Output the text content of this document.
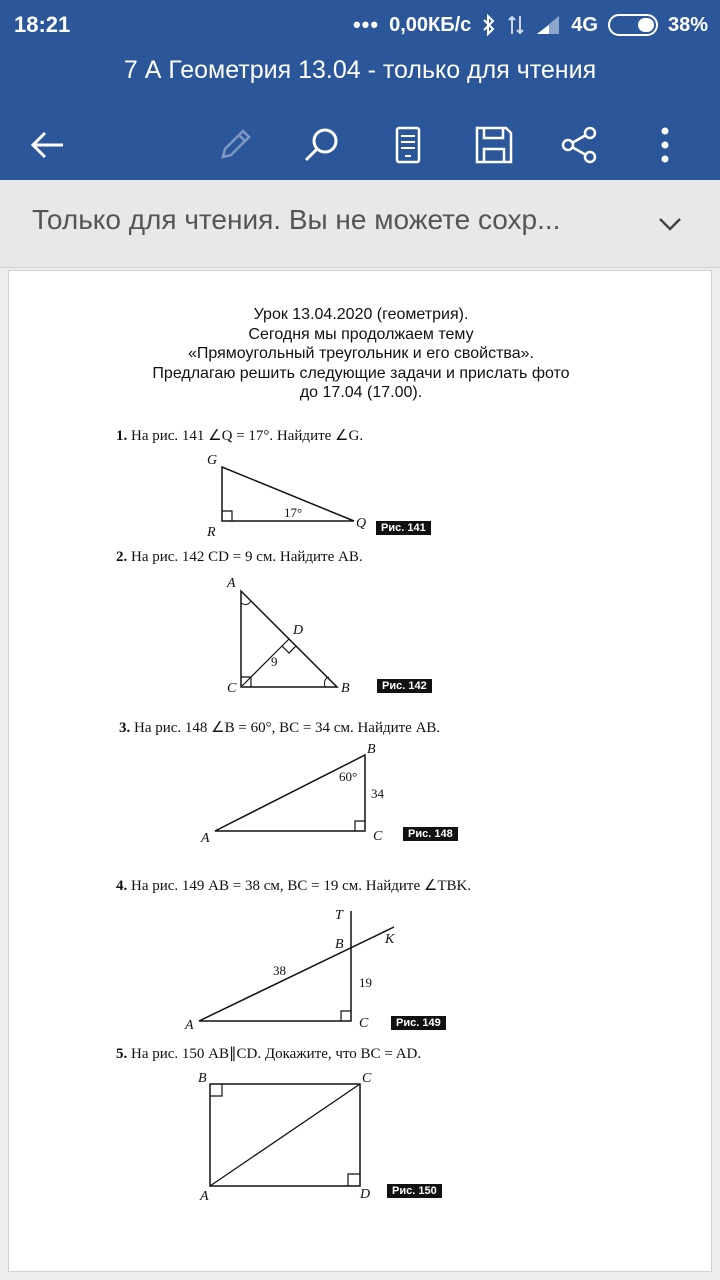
18:21	••• 0,00КБ/с	4G	38%
7 А Геометрия 13.04 - только для чтения
Только для чтения. Вы не можете сохр...
Урок 13.04.2020 (геометрия).
Сегодня мы продолжаем тему
«Прямоугольный треугольник и его свойства».
Предлагаю решить следующие задачи и прислать фото
до 17.04 (17.00).
1. На рис. 141 ∠Q = 17°. Найдите ∠G.
G
R
Q
17°
Рис. 141
2. На рис. 142 CD = 9 см. Найдите AB.
A
D
C	B
9
Рис. 142
3. На рис. 148 ∠B = 60°, BC = 34 см. Найдите AB.
B
A	C
60°
34
Рис. 148
4. На рис. 149 AB = 38 см, BC = 19 см. Найдите ∠TBK.
T
B	K
A	C
38
19
Рис. 149
5. На рис. 150 AB∥CD. Докажите, что BC = AD.
B	C
A	D	Рис. 150
